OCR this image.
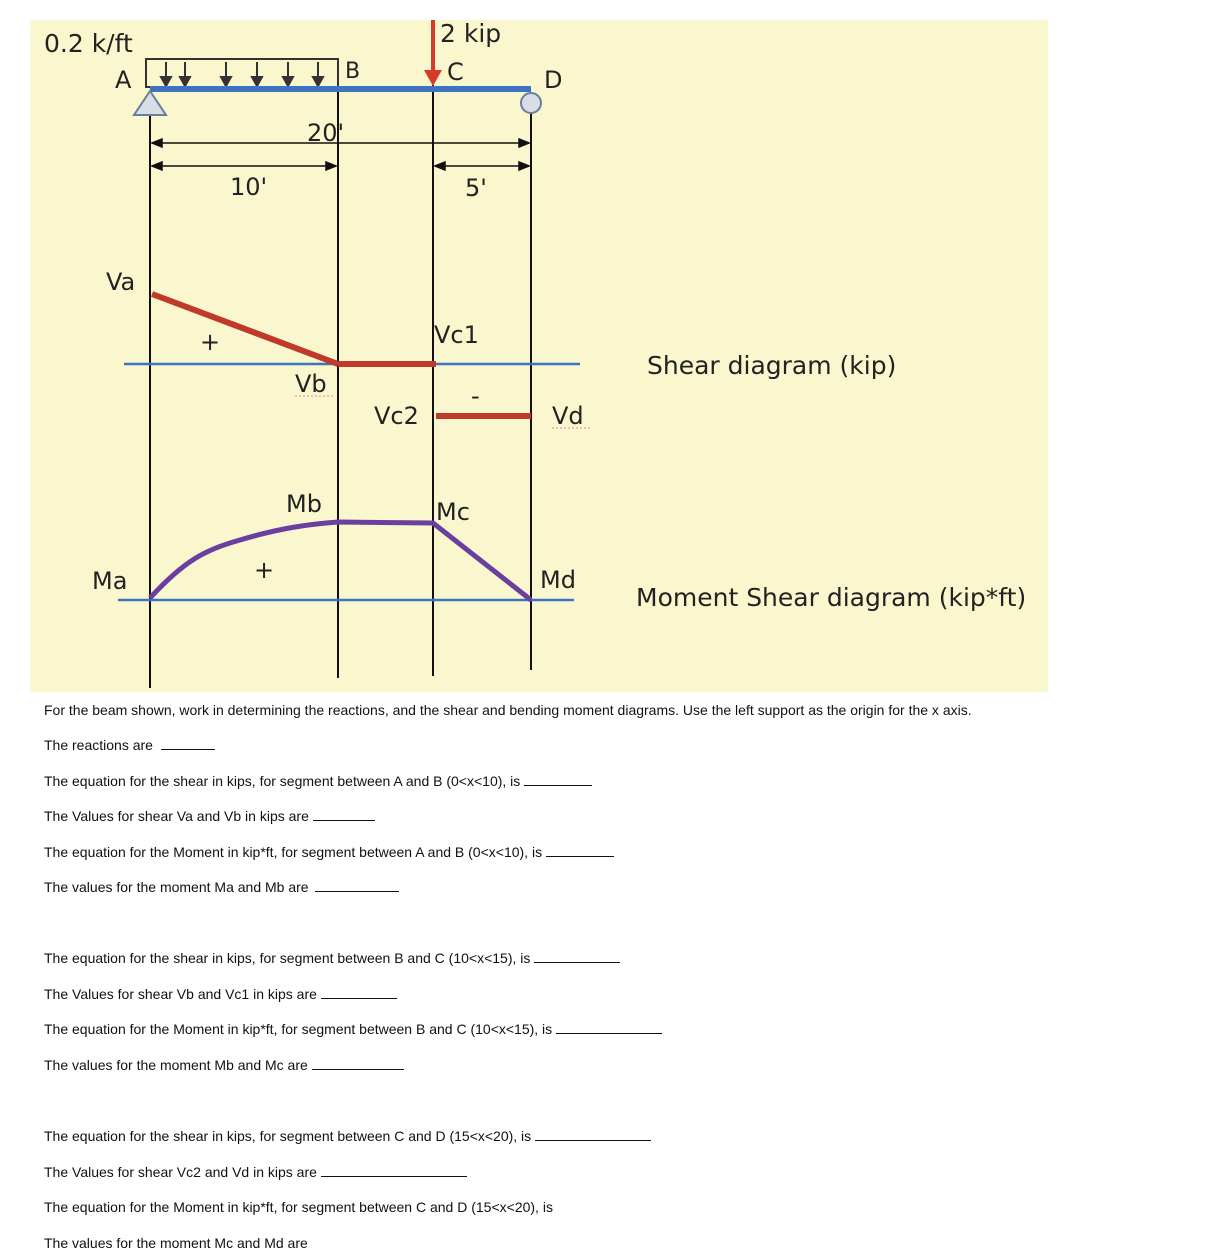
0.2 k/ft	2 kip
A	B	C	D
20'
10'	5'
Va
Vb
Vc1
Vc2	Vd
+
-
Shear diagram (kip)
Ma
Mb	Mc
Md
+
Moment Shear diagram (kip*ft)
For the beam shown, work in determining the reactions, and the shear and bending moment diagrams. Use the left support as the origin for the x axis.
The reactions are
The equation for the shear in kips, for segment between A and B (0<x<10), is
The Values for shear Va and Vb in kips are
The equation for the Moment in kip*ft, for segment between A and B (0<x<10), is
The values for the moment Ma and Mb are
The equation for the shear in kips, for segment between B and C (10<x<15), is
The Values for shear Vb and Vc1 in kips are
The equation for the Moment in kip*ft, for segment between B and C (10<x<15), is
The values for the moment Mb and Mc are
The equation for the shear in kips, for segment between C and D (15<x<20), is
The Values for shear Vc2 and Vd in kips are
The equation for the Moment in kip*ft, for segment between C and D (15<x<20), is
The values for the moment Mc and Md are
